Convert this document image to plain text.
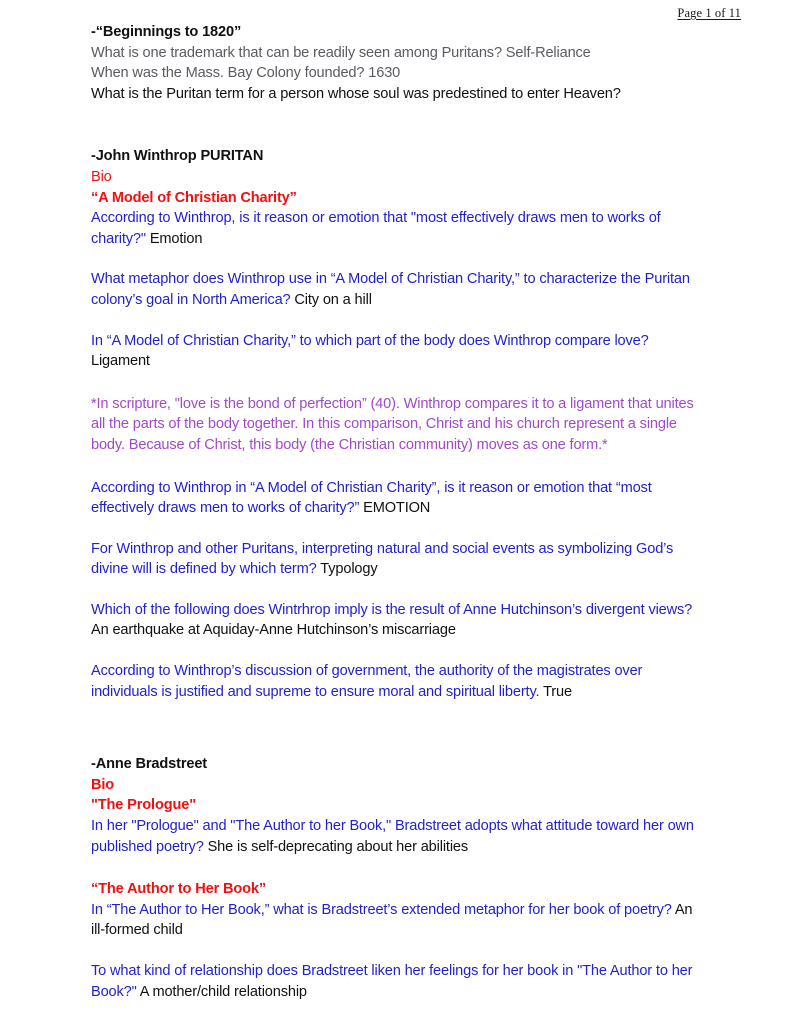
Page 1 of 11
-“Beginnings to 1820”
What is one trademark that can be readily seen among Puritans? Self-Reliance
When was the Mass. Bay Colony founded? 1630
What is the Puritan term for a person whose soul was predestined to enter Heaven?
-John Winthrop PURITAN
Bio
“A Model of Christian Charity”
According to Winthrop, is it reason or emotion that "most effectively draws men to works of charity?" Emotion
What metaphor does Winthrop use in “A Model of Christian Charity,” to characterize the Puritan colony’s goal in North America? City on a hill
In “A Model of Christian Charity,” to which part of the body does Winthrop compare love? Ligament
*In scripture, "love is the bond of perfection” (40). Winthrop compares it to a ligament that unites all the parts of the body together. In this comparison, Christ and his church represent a single body. Because of Christ, this body (the Christian community) moves as one form.*
According to Winthrop in “A Model of Christian Charity”, is it reason or emotion that “most effectively draws men to works of charity?” EMOTION
For Winthrop and other Puritans, interpreting natural and social events as symbolizing God’s divine will is defined by which term? Typology
Which of the following does Wintrhrop imply is the result of Anne Hutchinson’s divergent views? An earthquake at Aquiday-Anne Hutchinson’s miscarriage
According to Winthrop’s discussion of government, the authority of the magistrates over individuals is justified and supreme to ensure moral and spiritual liberty. True
-Anne Bradstreet
Bio
"The Prologue"
In her "Prologue" and "The Author to her Book," Bradstreet adopts what attitude toward her own published poetry? She is self-deprecating about her abilities
“The Author to Her Book”
In “The Author to Her Book,” what is Bradstreet’s extended metaphor for her book of poetry? An ill-formed child
To what kind of relationship does Bradstreet liken her feelings for her book in "The Author to her Book?" A mother/child relationship
